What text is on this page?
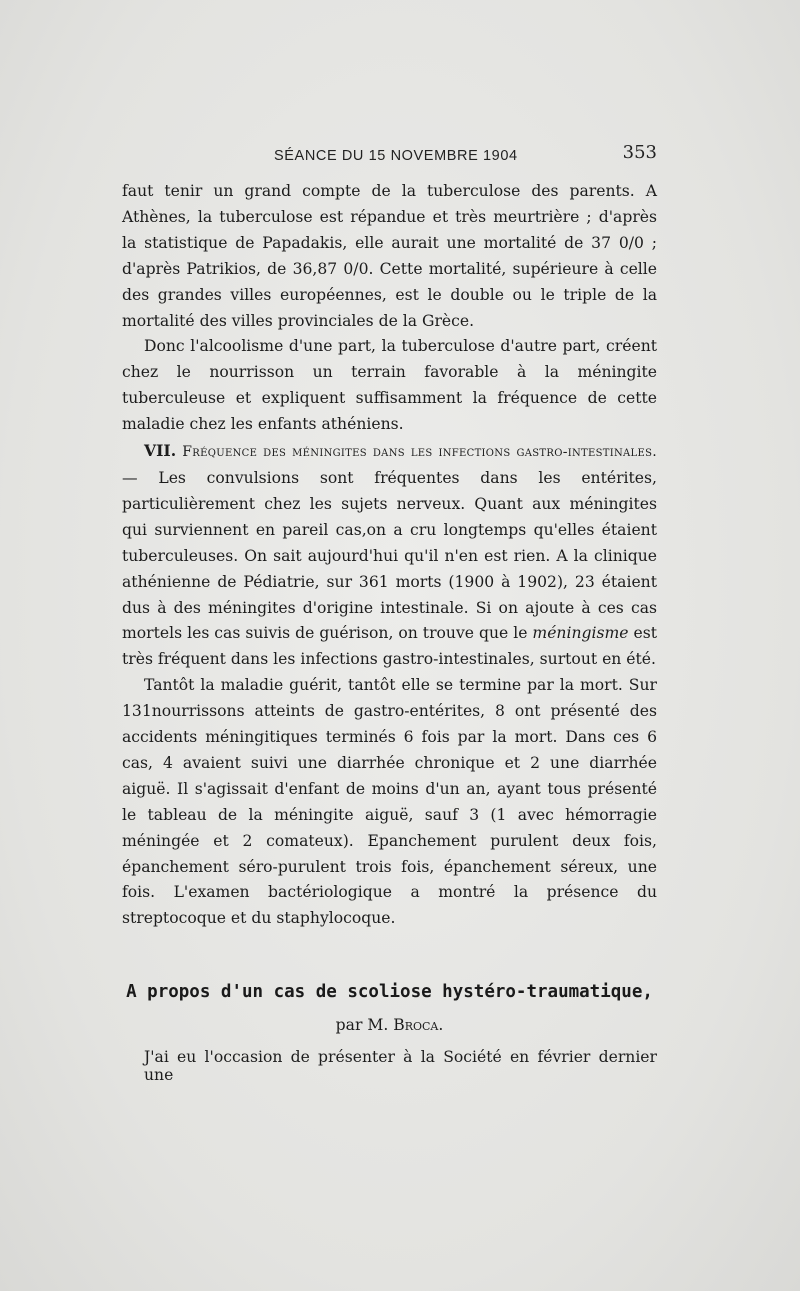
SÉANCE DU 15 NOVEMBRE 1904	353

faut tenir un grand compte de la tuberculose des parents. A Athènes, la tuberculose est répandue et très meurtrière ; d'après la statistique de Papadakis, elle aurait une mortalité de 37 0/0 ; d'après Patrikios, de 36,87 0/0. Cette mortalité, supérieure à celle des grandes villes européennes, est le double ou le triple de la mortalité des villes provinciales de la Grèce.

Donc l'alcoolisme d'une part, la tuberculose d'autre part, créent chez le nourrisson un terrain favorable à la méningite tuberculeuse et expliquent suffisamment la fréquence de cette maladie chez les enfants athéniens.

VII. Fréquence des méningites dans les infections gastro-intestinales. — Les convulsions sont fréquentes dans les entérites, particulièrement chez les sujets nerveux. Quant aux méningites qui surviennent en pareil cas,on a cru longtemps qu'elles étaient tuberculeuses. On sait aujourd'hui qu'il n'en est rien. A la clinique athénienne de Pédiatrie, sur 361 morts (1900 à 1902), 23 étaient dus à des méningites d'origine intestinale. Si on ajoute à ces cas mortels les cas suivis de guérison, on trouve que le méningisme est très fréquent dans les infections gastro-intestinales, surtout en été.

Tantôt la maladie guérit, tantôt elle se termine par la mort. Sur 131nourrissons atteints de gastro-entérites, 8 ont présenté des accidents méningitiques terminés 6 fois par la mort. Dans ces 6 cas, 4 avaient suivi une diarrhée chronique et 2 une diarrhée aiguë. Il s'agissait d'enfant de moins d'un an, ayant tous présenté le tableau de la méningite aiguë, sauf 3 (1 avec hémorragie méningée et 2 comateux). Epanchement purulent deux fois, épanchement séro-purulent trois fois, épanchement séreux, une fois. L'examen bactériologique a montré la présence du streptocoque et du staphylocoque.

A propos d'un cas de scoliose hystéro-traumatique,
par M. Broca.
J'ai eu l'occasion de présenter à la Société en février dernier une
